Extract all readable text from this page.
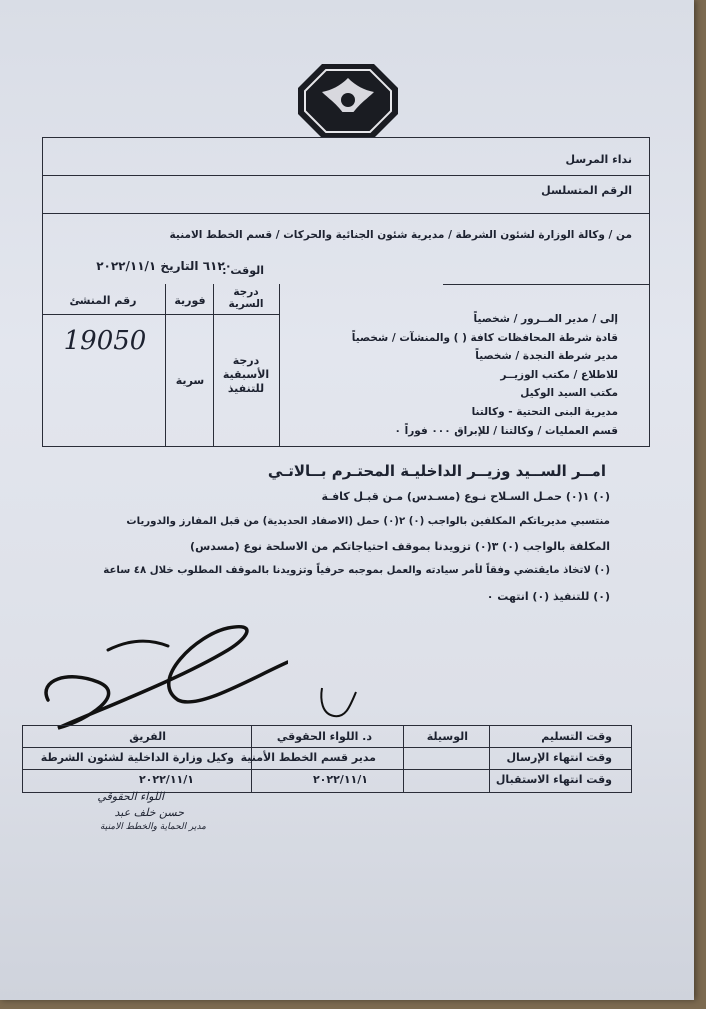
نداء المرسل
الرقم المتسلسل
من / وكالة الوزارة لشئون الشرطة / مديرية شئون الجنائية والحركات / قسم الخطط الامنية
الوقت :
٦١٢٠ التاريخ ٢٠٢٢/١١/١
درجة السرية
فورية
رقم المنشئ
درجة الأسبقية للتنفيذ
سرية
19050
إلى / مدير المــرور / شخصياً
قادة شرطة المحافظات كافة ( ) والمنشآت / شخصياً
مدير شرطة النجدة / شخصياً
للاطلاع / مكتب الوزيــر
مكتب السيد الوكيل
مديرية البنى التحتية - وكالتنا
قسم العمليات / وكالتنا / للإبراق ٠٠٠ فوراً ٠
امــر الســيد وزيــر الداخليـة المحتـرم بــالاتـي
(٠) ١(٠) حمـل السـلاح نـوع (مسـدس) مـن قبـل كافـة
منتسبي مديرياتكم المكلفين بالواجب (٠) ٢(٠) حمل (الاصفاد الحديدية) من قبل المفارز والدوريات
المكلفة بالواجب (٠) ٣(٠) تزويدنا بموقف احتياجاتكم من الاسلحة نوع (مسدس)
(٠) لاتخاذ مايقتضي وفقاً لأمر سيادته والعمل بموجبه حرفياً وتزويدنا بالموقف المطلوب خلال ٤٨ ساعة
(٠) للتنفيذ (٠) انتهت ٠
وقت التسليم
وقت انتهاء الإرسال
وقت انتهاء الاستقبال
الوسيلة
د. اللواء الحقوقي
مدير قسم الخطط الأمنية
٢٠٢٢/١١/١
الفريق
وكيل وزارة الداخلية لشئون الشرطة
٢٠٢٢/١١/١
اللواء الحقوقي
حسن خلف عبد
مدير الحماية والخطط الامنية
